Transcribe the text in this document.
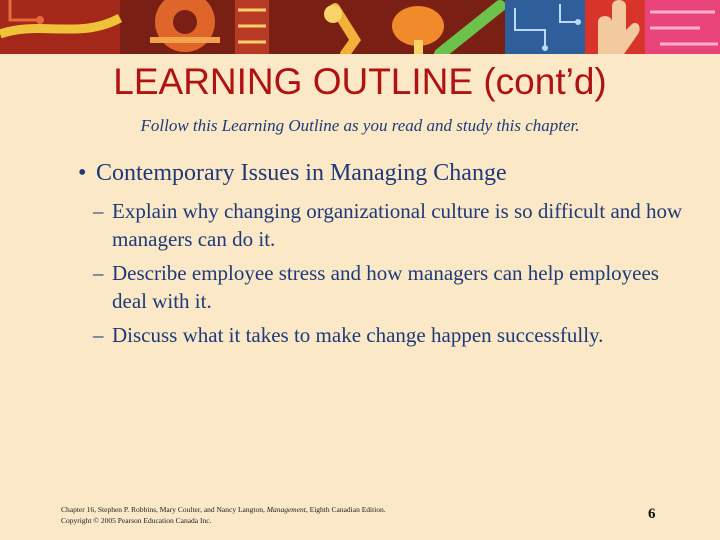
LEARNING OUTLINE (cont’d)
Follow this Learning Outline as you read and study this chapter.
• Contemporary Issues in Managing Change
– Explain why changing organizational culture is so difficult and how managers can do it.
– Describe employee stress and how managers can help employees deal with it.
– Discuss what it takes to make change happen successfully.
Chapter 16, Stephen P. Robbins, Mary Coulter, and Nancy Langton, Management, Eighth Canadian Edition.
Copyright © 2005 Pearson Education Canada Inc.	6
